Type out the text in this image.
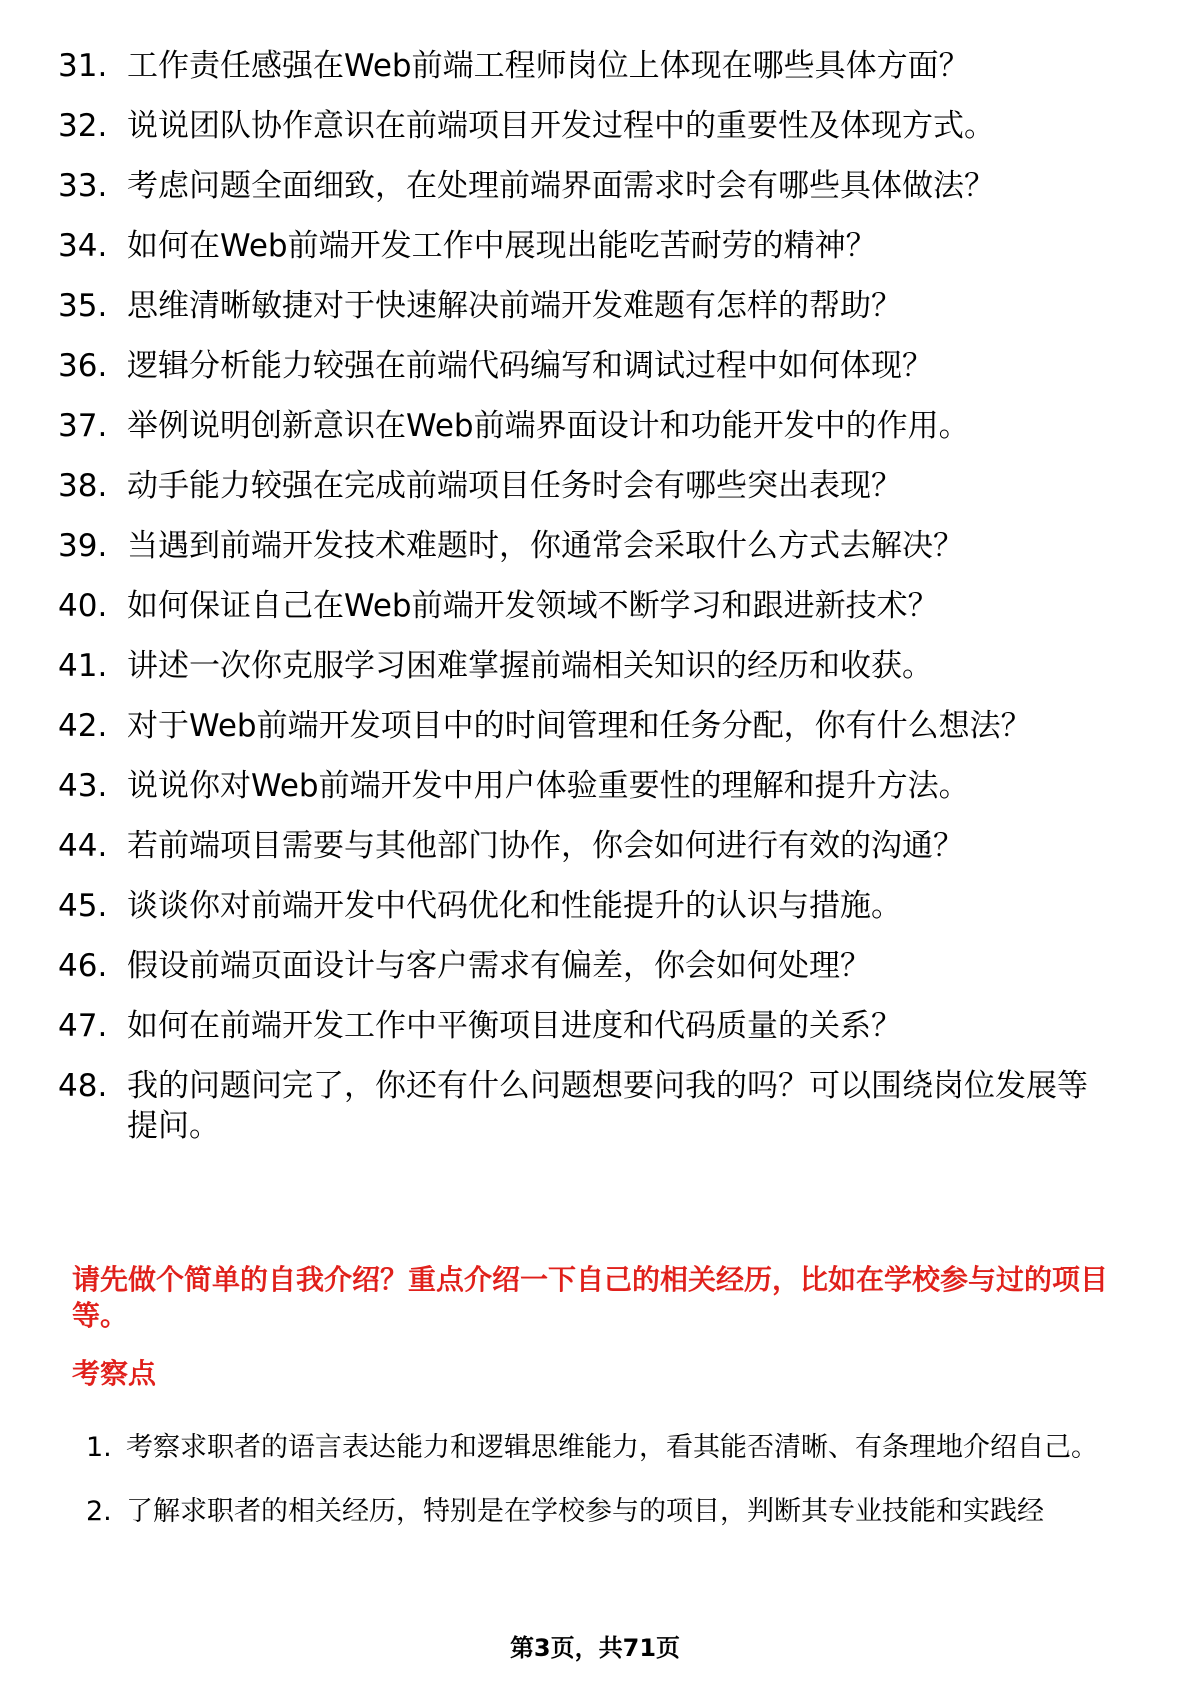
31. 工作责任感强在Web前端工程师岗位上体现在哪些具体方面？
32. 说说团队协作意识在前端项目开发过程中的重要性及体现方式。
33. 考虑问题全面细致，在处理前端界面需求时会有哪些具体做法？
34. 如何在Web前端开发工作中展现出能吃苦耐劳的精神？
35. 思维清晰敏捷对于快速解决前端开发难题有怎样的帮助？
36. 逻辑分析能力较强在前端代码编写和调试过程中如何体现？
37. 举例说明创新意识在Web前端界面设计和功能开发中的作用。
38. 动手能力较强在完成前端项目任务时会有哪些突出表现？
39. 当遇到前端开发技术难题时，你通常会采取什么方式去解决？
40. 如何保证自己在Web前端开发领域不断学习和跟进新技术？
41. 讲述一次你克服学习困难掌握前端相关知识的经历和收获。
42. 对于Web前端开发项目中的时间管理和任务分配，你有什么想法？
43. 说说你对Web前端开发中用户体验重要性的理解和提升方法。
44. 若前端项目需要与其他部门协作，你会如何进行有效的沟通？
45. 谈谈你对前端开发中代码优化和性能提升的认识与措施。
46. 假设前端页面设计与客户需求有偏差，你会如何处理？
47. 如何在前端开发工作中平衡项目进度和代码质量的关系？
48. 我的问题问完了，你还有什么问题想要问我的吗？可以围绕岗位发展等提问。
请先做个简单的自我介绍？重点介绍一下自己的相关经历，比如在学校参与过的项目等。
考察点
1. 考察求职者的语言表达能力和逻辑思维能力，看其能否清晰、有条理地介绍自己。
2. 了解求职者的相关经历，特别是在学校参与的项目，判断其专业技能和实践经
第3页，共71页
